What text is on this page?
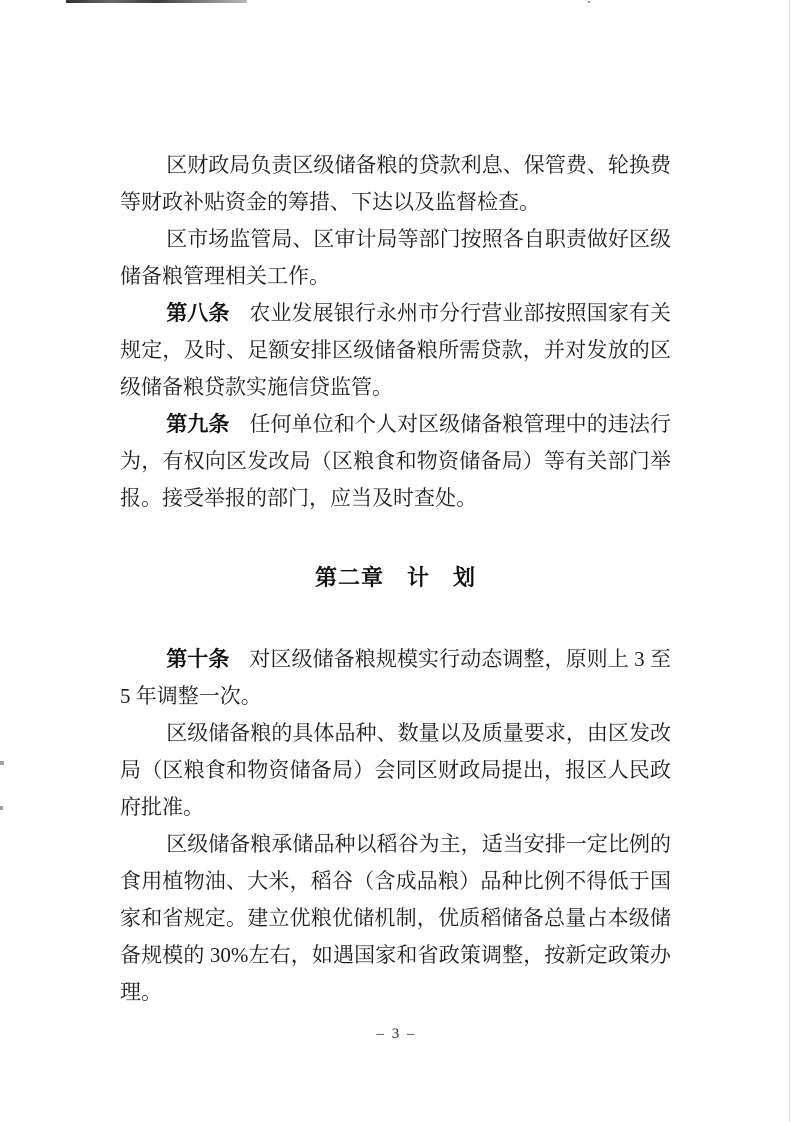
区财政局负责区级储备粮的贷款利息、保管费、轮换费等财政补贴资金的筹措、下达以及监督检查。

区市场监管局、区审计局等部门按照各自职责做好区级储备粮管理相关工作。

第八条 农业发展银行永州市分行营业部按照国家有关规定，及时、足额安排区级储备粮所需贷款，并对发放的区级储备粮贷款实施信贷监管。

第九条 任何单位和个人对区级储备粮管理中的违法行为，有权向区发改局（区粮食和物资储备局）等有关部门举报。接受举报的部门，应当及时查处。

第二章　计　划

第十条 对区级储备粮规模实行动态调整，原则上 3 至 5 年调整一次。

区级储备粮的具体品种、数量以及质量要求，由区发改局（区粮食和物资储备局）会同区财政局提出，报区人民政府批准。

区级储备粮承储品种以稻谷为主，适当安排一定比例的食用植物油、大米，稻谷（含成品粮）品种比例不得低于国家和省规定。建立优粮优储机制，优质稻储备总量占本级储备规模的 30%左右，如遇国家和省政策调整，按新定政策办理。

– 3 –
